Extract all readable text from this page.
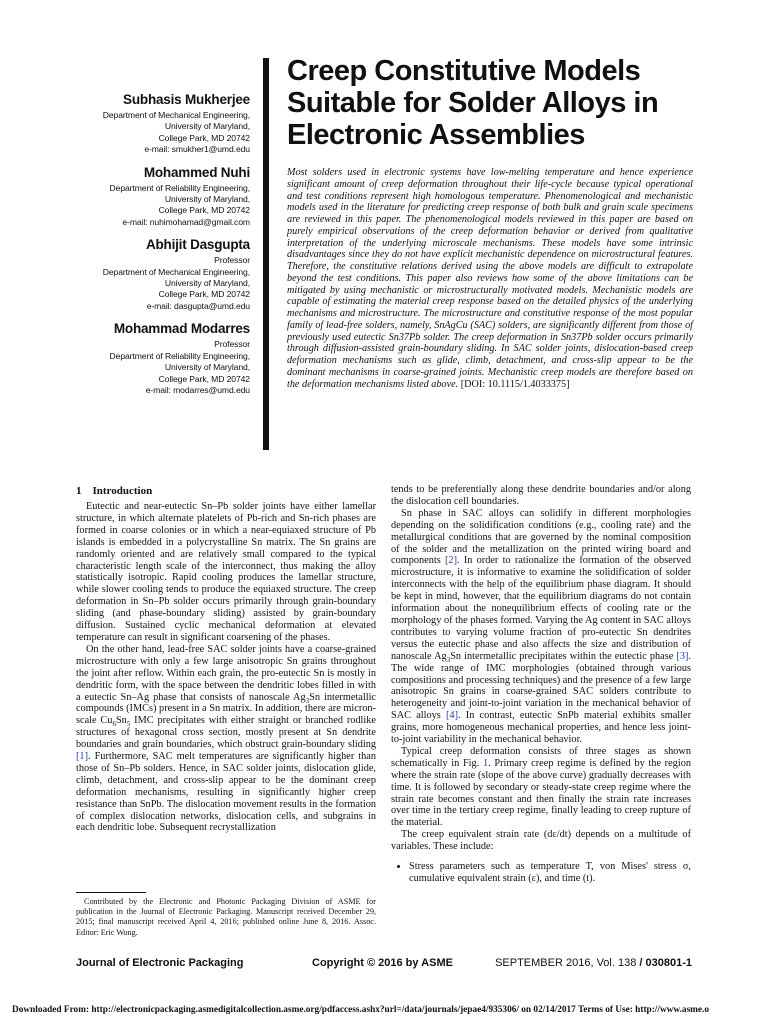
Subhasis Mukherjee
Department of Mechanical Engineering,
University of Maryland,
College Park, MD 20742
e-mail: smukher1@umd.edu
Mohammed Nuhi
Department of Reliability Engineering,
University of Maryland,
College Park, MD 20742
e-mail: nuhimohamad@gmail.com
Abhijit Dasgupta
Professor
Department of Mechanical Engineering,
University of Maryland,
College Park, MD 20742
e-mail: dasgupta@umd.edu
Mohammad Modarres
Professor
Department of Reliability Engineering,
University of Maryland,
College Park, MD 20742
e-mail: modarres@umd.edu
Creep Constitutive Models
Suitable for Solder Alloys in
Electronic Assemblies
Most solders used in electronic systems have low-melting temperature and hence experience significant amount of creep deformation throughout their life-cycle because typical operational and test conditions represent high homologous temperature. Phenomenological and mechanistic models used in the literature for predicting creep response of both bulk and grain scale specimens are reviewed in this paper. The phenomenological models reviewed in this paper are based on purely empirical observations of the creep deformation behavior or derived from qualitative interpretation of the underlying microscale mechanisms. These models have some intrinsic disadvantages since they do not have explicit mechanistic dependence on microstructural features. Therefore, the constitutive relations derived using the above models are difficult to extrapolate beyond the test conditions. This paper also reviews how some of the above limitations can be mitigated by using mechanistic or microstructurally motivated models. Mechanistic models are capable of estimating the material creep response based on the detailed physics of the underlying mechanisms and microstructure. The microstructure and constitutive response of the most popular family of lead-free solders, namely, SnAgCu (SAC) solders, are significantly different from those of previously used eutectic Sn37Pb solder. The creep deformation in Sn37Pb solder occurs primarily through diffusion-assisted grain-boundary sliding. In SAC solder joints, dislocation-based creep deformation mechanisms such as glide, climb, detachment, and cross-slip appear to be the dominant mechanisms in coarse-grained joints. Mechanistic creep models are therefore based on the deformation mechanisms listed above. [DOI: 10.1115/1.4033375]
1 Introduction

Eutectic and near-eutectic Sn–Pb solder joints have either lamellar structure, in which alternate platelets of Pb-rich and Sn-rich phases are formed in coarse colonies or in which a near-equiaxed structure of Pb islands is embedded in a polycrystalline Sn matrix. The Sn grains are randomly oriented and are relatively small compared to the typical characteristic length scale of the interconnect, thus making the alloy statistically isotropic. Rapid cooling produces the lamellar structure, while slower cooling tends to produce the equiaxed structure. The creep deformation in Sn–Pb solder occurs primarily through grain-boundary sliding (and phase-boundary sliding) assisted by grain-boundary diffusion. Sustained cyclic mechanical deformation at elevated temperature can result in significant coarsening of the phases.

On the other hand, lead-free SAC solder joints have a coarse-grained microstructure with only a few large anisotropic Sn grains throughout the joint after reflow. Within each grain, the pro-eutectic Sn is mostly in dendritic form, with the space between the dendritic lobes filled in with a eutectic Sn–Ag phase that consists of nanoscale $Ag_3Sn$ intermetallic compounds (IMCs) present in a Sn matrix. In addition, there are micron-scale $Cu_6Sn_5$ IMC precipitates with either straight or branched rodlike structures of hexagonal cross section, mostly present at Sn dendrite boundaries and grain boundaries, which obstruct grain-boundary sliding [1]. Furthermore, SAC melt temperatures are significantly higher than those of Sn–Pb solders. Hence, in SAC solder joints, dislocation glide, climb, detachment, and cross-slip appear to be the dominant creep deformation mechanisms, resulting in significantly higher creep resistance than SnPb. The dislocation movement results in the formation of complex dislocation networks, dislocation cells, and subgrains in each dendritic lobe. Subsequent recrystallization

Contributed by the Electronic and Photonic Packaging Division of ASME for publication in the Journal of Electronic Packaging. Manuscript received December 29, 2015; final manuscript received April 4, 2016; published online June 8, 2016. Assoc. Editor: Eric Wong.

tends to be preferentially along these dendrite boundaries and/or along the dislocation cell boundaries.

Sn phase in SAC alloys can solidify in different morphologies depending on the solidification conditions (e.g., cooling rate) and the metallurgical conditions that are governed by the nominal composition of the solder and the metallization on the printed wiring board and components [2]. In order to rationalize the formation of the observed microstructure, it is informative to examine the solidification of solder interconnects with the help of the equilibrium phase diagram. It should be kept in mind, however, that the equilibrium diagrams do not contain information about the nonequilibrium effects of cooling rate or the morphology of the phases formed. Varying the Ag content in SAC alloys contributes to varying volume fraction of pro-eutectic Sn dendrites versus the eutectic phase and also affects the size and distribution of nanoscale $Ag_3Sn$ intermetallic precipitates within the eutectic phase [3]. The wide range of IMC morphologies (obtained through various compositions and processing techniques) and the presence of a few large anisotropic Sn grains in coarse-grained SAC solders contribute to heterogeneity and joint-to-joint variation in the mechanical behavior of SAC alloys [4]. In contrast, eutectic SnPb material exhibits smaller grains, more homogeneous mechanical properties, and hence less joint-to-joint variability in the mechanical behavior.

Typical creep deformation consists of three stages as shown schematically in Fig. 1. Primary creep regime is defined by the region where the strain rate (slope of the above curve) gradually decreases with time. It is followed by secondary or steady-state creep regime where the strain rate becomes constant and then finally the strain rate increases over time in the tertiary creep regime, finally leading to creep rupture of the material.

The creep equivalent strain rate (dε/dt) depends on a multitude of variables. These include:

• Stress parameters such as temperature T, von Mises' stress σ, cumulative equivalent strain (ε), and time (t).
Journal of Electronic Packaging	Copyright © 2016 by ASME	SEPTEMBER 2016, Vol. 138 / 030801-1
Downloaded From: http://electronicpackaging.asmedigitalcollection.asme.org/pdfaccess.ashx?url=/data/journals/jepae4/935306/ on 02/14/2017 Terms of Use: http://www.asme.o
